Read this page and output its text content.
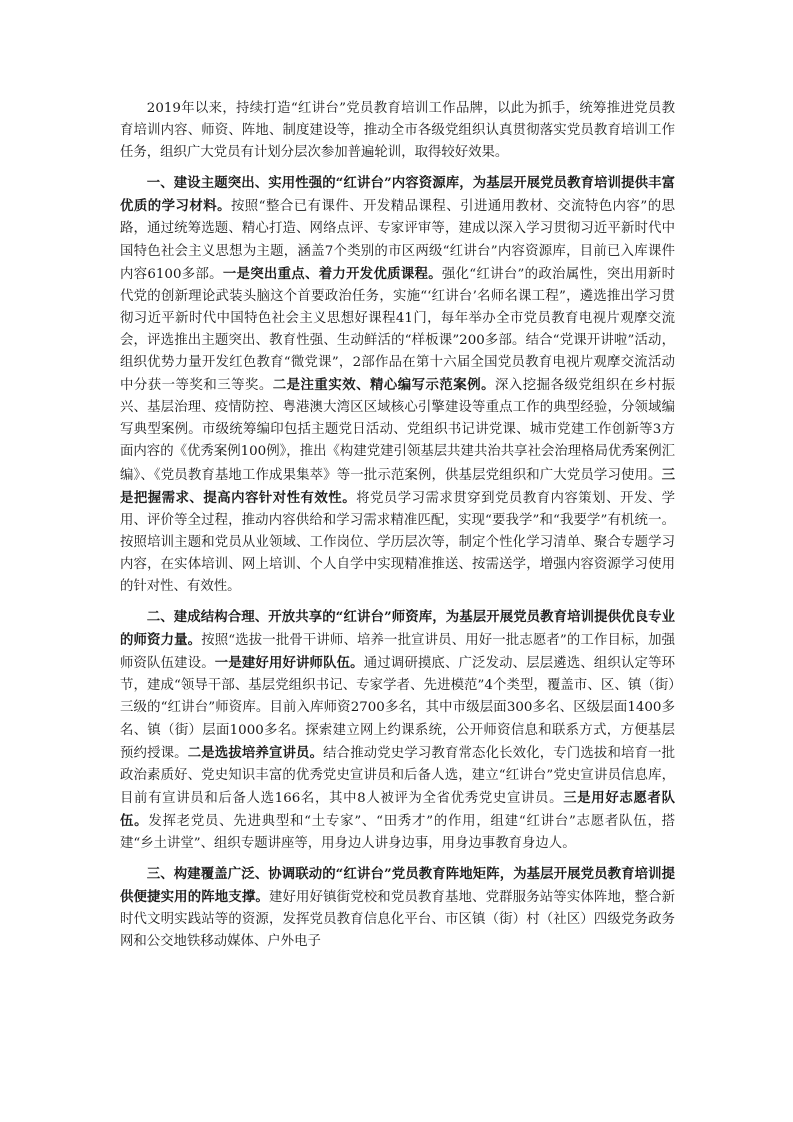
2019年以来，持续打造“红讲台”党员教育培训工作品牌，以此为抓手，统筹推进党员教育培训内容、师资、阵地、制度建设等，推动全市各级党组织认真贯彻落实党员教育培训工作任务，组织广大党员有计划分层次参加普遍轮训，取得较好效果。

一、建设主题突出、实用性强的“红讲台”内容资源库，为基层开展党员教育培训提供丰富优质的学习材料。按照“整合已有课件、开发精品课程、引进通用教材、交流特色内容”的思路，通过统筹选题、精心打造、网络点评、专家评审等，建成以深入学习贯彻习近平新时代中国特色社会主义思想为主题，涵盖7个类别的市区两级“红讲台”内容资源库，目前已入库课件内容6100多部。一是突出重点、着力开发优质课程。强化“红讲台”的政治属性，突出用新时代党的创新理论武装头脑这个首要政治任务，实施“‘红讲台’名师名课工程”，遴选推出学习贯彻习近平新时代中国特色社会主义思想好课程41门，每年举办全市党员教育电视片观摩交流会，评选推出主题突出、教育性强、生动鲜活的“样板课”200多部。结合“党课开讲啦”活动，组织优势力量开发红色教育“微党课”，2部作品在第十六届全国党员教育电视片观摩交流活动中分获一等奖和三等奖。二是注重实效、精心编写示范案例。深入挖掘各级党组织在乡村振兴、基层治理、疫情防控、粤港澳大湾区区域核心引擎建设等重点工作的典型经验，分领域编写典型案例。市级统筹编印包括主题党日活动、党组织书记讲党课、城市党建工作创新等3方面内容的《优秀案例100例》，推出《构建党建引领基层共建共治共享社会治理格局优秀案例汇编》、《党员教育基地工作成果集萃》等一批示范案例，供基层党组织和广大党员学习使用。三是把握需求、提高内容针对性有效性。将党员学习需求贯穿到党员教育内容策划、开发、学用、评价等全过程，推动内容供给和学习需求精准匹配，实现“要我学”和“我要学”有机统一。按照培训主题和党员从业领域、工作岗位、学历层次等，制定个性化学习清单、聚合专题学习内容，在实体培训、网上培训、个人自学中实现精准推送、按需送学，增强内容资源学习使用的针对性、有效性。

二、建成结构合理、开放共享的“红讲台”师资库，为基层开展党员教育培训提供优良专业的师资力量。按照“选拔一批骨干讲师、培养一批宣讲员、用好一批志愿者”的工作目标，加强师资队伍建设。一是建好用好讲师队伍。通过调研摸底、广泛发动、层层遴选、组织认定等环节，建成“领导干部、基层党组织书记、专家学者、先进模范”4个类型，覆盖市、区、镇（街）三级的“红讲台”师资库。目前入库师资2700多名，其中市级层面300多名、区级层面1400多名、镇（街）层面1000多名。探索建立网上约课系统，公开师资信息和联系方式，方便基层预约授课。二是选拔培养宣讲员。结合推动党史学习教育常态化长效化，专门选拔和培育一批政治素质好、党史知识丰富的优秀党史宣讲员和后备人选，建立“红讲台”党史宣讲员信息库，目前有宣讲员和后备人选166名，其中8人被评为全省优秀党史宣讲员。三是用好志愿者队伍。发挥老党员、先进典型和“土专家”、“田秀才”的作用，组建“红讲台”志愿者队伍，搭建“乡土讲堂”、组织专题讲座等，用身边人讲身边事，用身边事教育身边人。

三、构建覆盖广泛、协调联动的“红讲台”党员教育阵地矩阵，为基层开展党员教育培训提供便捷实用的阵地支撑。建好用好镇街党校和党员教育基地、党群服务站等实体阵地，整合新时代文明实践站等的资源，发挥党员教育信息化平台、市区镇（街）村（社区）四级党务政务网和公交地铁移动媒体、户外电子
